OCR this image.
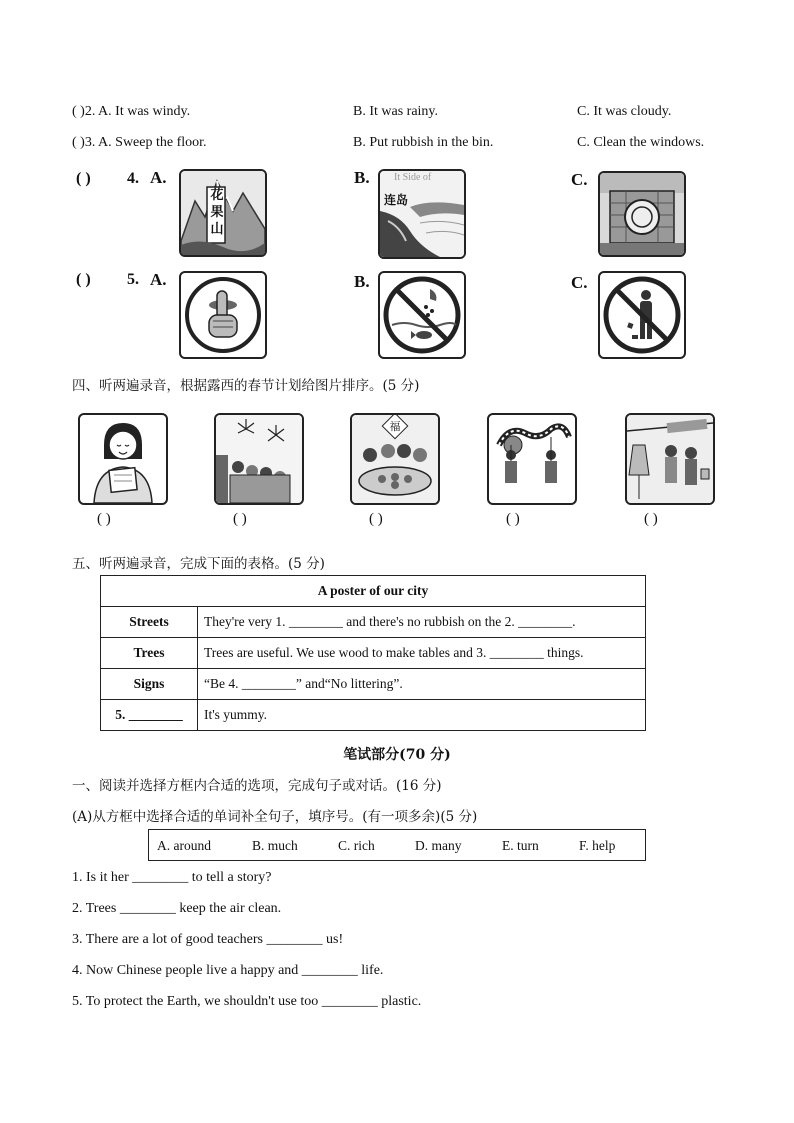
( )2. A. It was windy.	B. It was rainy.	C. It was cloudy.
( )3. A. Sweep the floor.	B. Put rubbish in the bin.	C. Clean the windows.
( ) 4. A.	B.	C.
花
果
山
It Side of
连岛
( ) 5. A.	B.	C.
四、听两遍录音，根据露西的春节计划给图片排序。(5 分)
福
( )	( )	( )	( )	( )
五、听两遍录音，完成下面的表格。(5 分)
A poster of our city	
Streets	They're very 1. ________ and there's no rubbish on the 2. ________.
Trees	Trees are useful. We use wood to make tables and 3. ________ things.
Signs	“Be 4. ________” and“No littering”.
5. ________	It's yummy.
笔试部分(70 分)
一、阅读并选择方框内合适的选项，完成句子或对话。(16 分)
(A)从方框中选择合适的单词补全句子，填序号。(有一项多余)(5 分)
A. around	B. much	C. rich	D. many	E. turn	F. help
1. Is it her ________ to tell a story?
2. Trees ________ keep the air clean.
3. There are a lot of good teachers ________ us!
4. Now Chinese people live a happy and ________ life.
5. To protect the Earth, we shouldn't use too ________ plastic.
